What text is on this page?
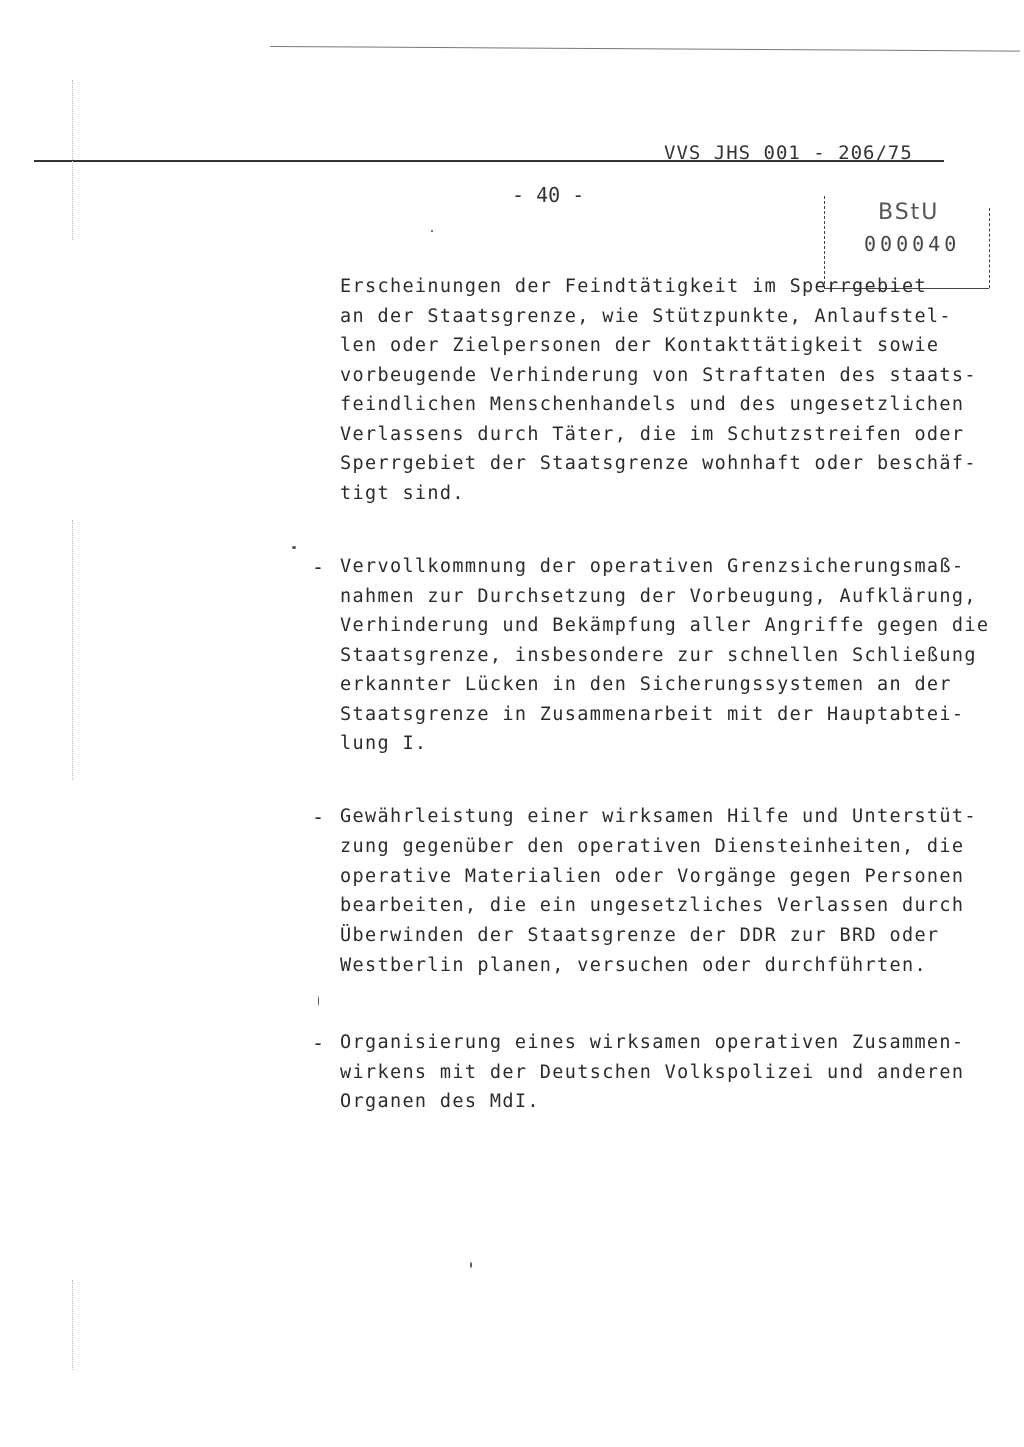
VVS JHS 001 - 206/75
- 40 -
BStU
000040
Erscheinungen der Feindtätigkeit im Sperrgebiet
an der Staatsgrenze, wie Stützpunkte, Anlaufstel-
len oder Zielpersonen der Kontakttätigkeit sowie
vorbeugende Verhinderung von Straftaten des staats-
feindlichen Menschenhandels und des ungesetzlichen
Verlassens durch Täter, die im Schutzstreifen oder
Sperrgebiet der Staatsgrenze wohnhaft oder beschäf-
tigt sind.
- Vervollkommnung der operativen Grenzsicherungsmaß-
nahmen zur Durchsetzung der Vorbeugung, Aufklärung,
Verhinderung und Bekämpfung aller Angriffe gegen die
Staatsgrenze, insbesondere zur schnellen Schließung
erkannter Lücken in den Sicherungssystemen an der
Staatsgrenze in Zusammenarbeit mit der Hauptabtei-
lung I.
- Gewährleistung einer wirksamen Hilfe und Unterstüt-
zung gegenüber den operativen Diensteinheiten, die
operative Materialien oder Vorgänge gegen Personen
bearbeiten, die ein ungesetzliches Verlassen durch
Überwinden der Staatsgrenze der DDR zur BRD oder
Westberlin planen, versuchen oder durchführten.
- Organisierung eines wirksamen operativen Zusammen-
wirkens mit der Deutschen Volkspolizei und anderen
Organen des MdI.
